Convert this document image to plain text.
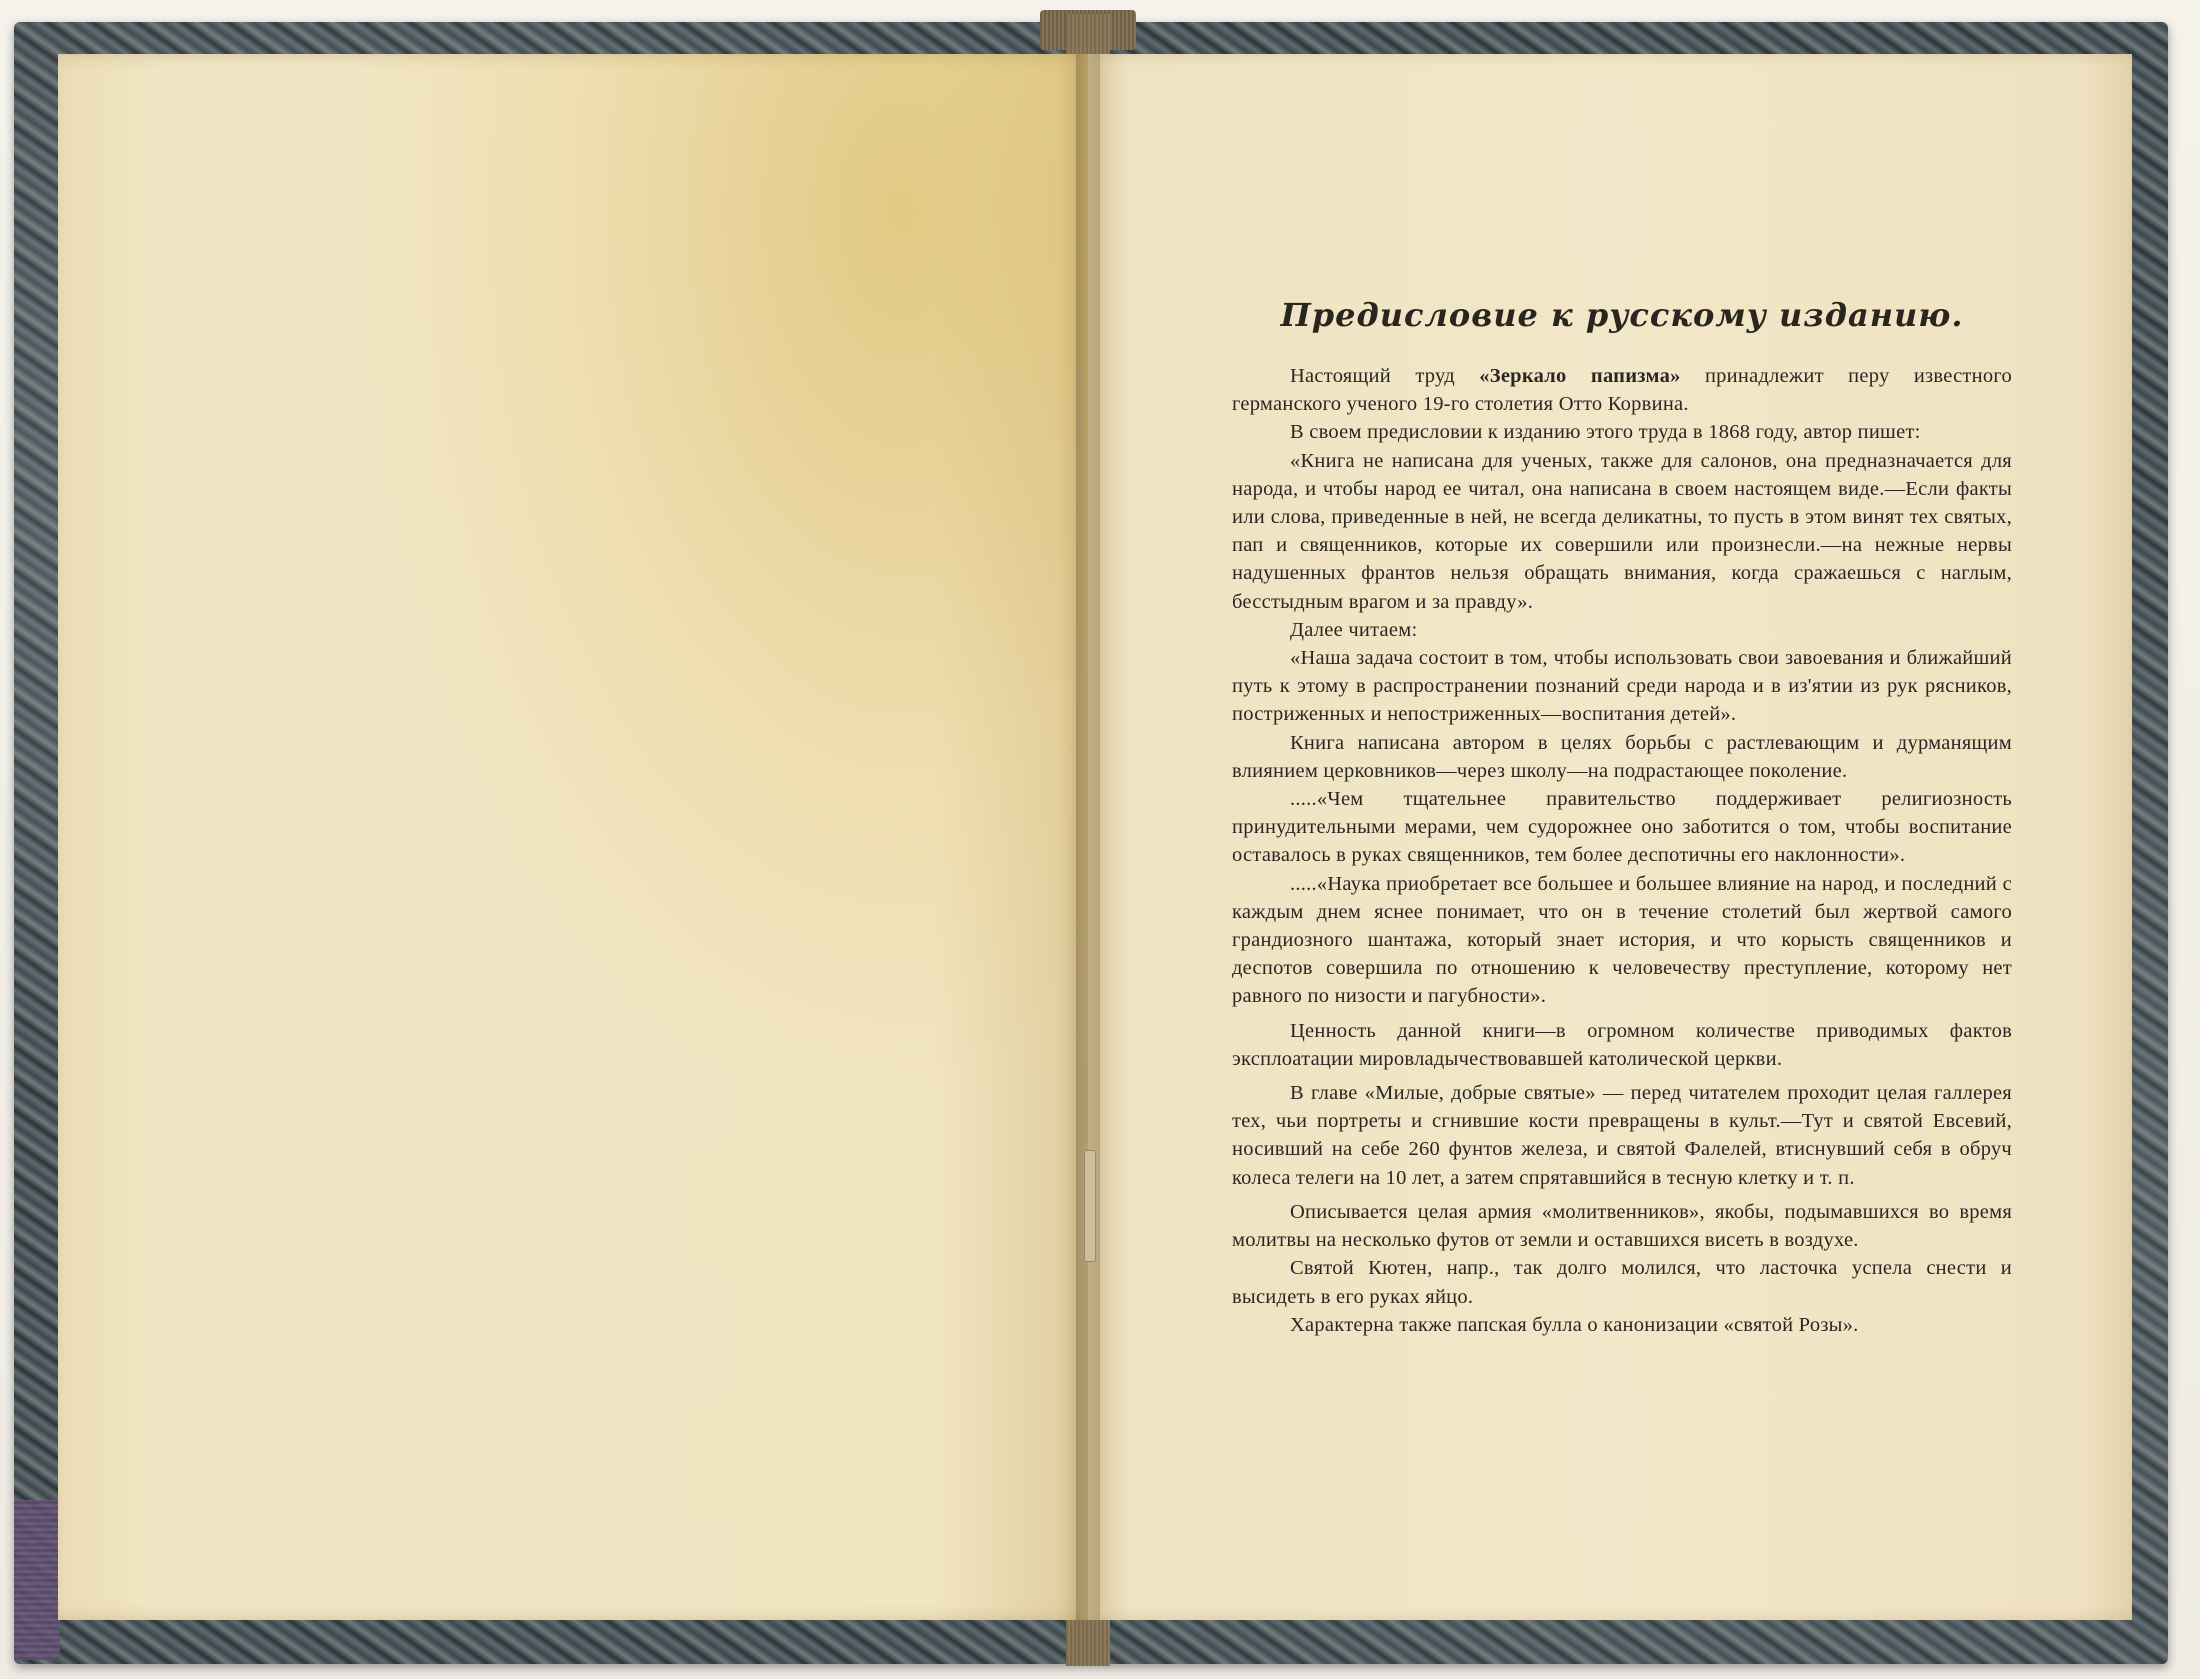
Предисловие к русскому изданию.

Настоящий труд «Зеркало папизма» принадлежит перу известного германского ученого 19-го столетия Отто Корвина.

В своем предисловии к изданию этого труда в 1868 году, автор пишет:

«Книга не написана для ученых, также для салонов, она предназначается для народа, и чтобы народ ее читал, она написана в своем настоящем виде.—Если факты или слова, приведенные в ней, не всегда деликатны, то пусть в этом винят тех святых, пап и священников, которые их совершили или произнесли.—на нежные нервы надушенных франтов нельзя обращать внимания, когда сражаешься с наглым, бесстыдным врагом и за правду».

Далее читаем:

«Наша задача состоит в том, чтобы использовать свои завоевания и ближайший путь к этому в распространении познаний среди народа и в из'ятии из рук рясников, постриженных и непостриженных—воспитания детей».

Книга написана автором в целях борьбы с растлевающим и дурманящим влиянием церковников—через школу—на подрастающее поколение.

.....«Чем тщательнее правительство поддерживает религиозность принудительными мерами, чем судорожнее оно заботится о том, чтобы воспитание оставалось в руках священников, тем более деспотичны его наклонности».

.....«Наука приобретает все большее и большее влияние на народ, и последний с каждым днем яснее понимает, что он в течение столетий был жертвой самого грандиозного шантажа, который знает история, и что корысть священников и деспотов совершила по отношению к человечеству преступление, которому нет равного по низости и пагубности».

Ценность данной книги—в огромном количестве приводимых фактов эксплоатации мировладычествовавшей католической церкви.

В главе «Милые, добрые святые» — перед читателем проходит целая галлерея тех, чьи портреты и сгнившие кости превращены в культ.—Тут и святой Евсевий, носивший на себе 260 фунтов железа, и святой Фалелей, втиснувший себя в обруч колеса телеги на 10 лет, а затем спрятавшийся в тесную клетку и т. п.

Описывается целая армия «молитвенников», якобы, подымавшихся во время молитвы на несколько футов от земли и оставшихся висеть в воздухе.

Святой Кютен, напр., так долго молился, что ласточка успела снести и высидеть в его руках яйцо.

Характерна также папская булла о канонизации «святой Розы».
